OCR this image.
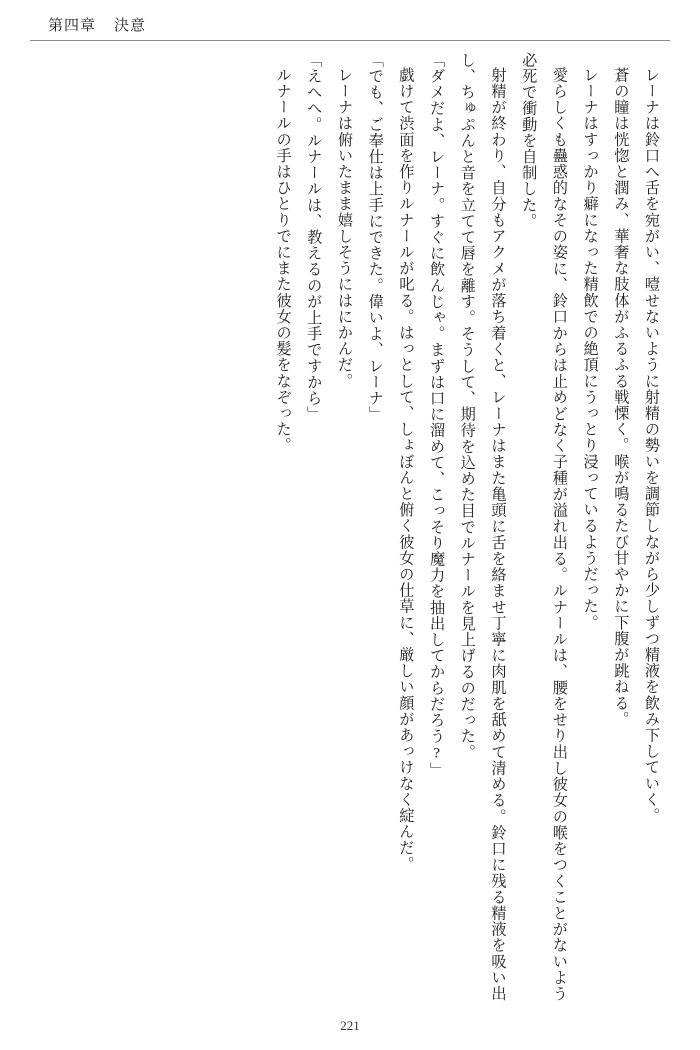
第四章 決意

レーナは鈴口へ舌を宛がい、噎せないように射精の勢いを調節しながら少しずつ精液を飲み下していく。

蒼の瞳は恍惚と潤み、華奢な肢体がふるふる戦慄く。喉が鳴るたび甘やかに下腹が跳ねる。

レーナはすっかり癖になった精飲での絶頂にうっとり浸っているようだった。

愛らしくも蠱惑的なその姿に、鈴口からは止めどなく子種が溢れ出る。ルナールは、腰をせり出し彼女の喉をつくことがないよう必死で衝動を自制した。

射精が終わり、自分もアクメが落ち着くと、レーナはまた亀頭に舌を絡ませ丁寧に肉肌を舐めて清める。鈴口に残る精液を吸い出し、ちゅぷんと音を立てて唇を離す。そうして、期待を込めた目でルナールを見上げるのだった。

「ダメだよ、レーナ。すぐに飲んじゃ。まずは口に溜めて、こっそり魔力を抽出してからだろう?」

戯けて渋面を作りルナールが叱る。はっとして、しょぼんと俯く彼女の仕草に、厳しい顔があっけなく綻んだ。

「でも、ご奉仕は上手にできた。偉いよ、レーナ」

レーナは俯いたまま嬉しそうにはにかんだ。

「えへへ。ルナールは、教えるのが上手ですから」

ルナールの手はひとりでにまた彼女の髪をなぞった。

221
